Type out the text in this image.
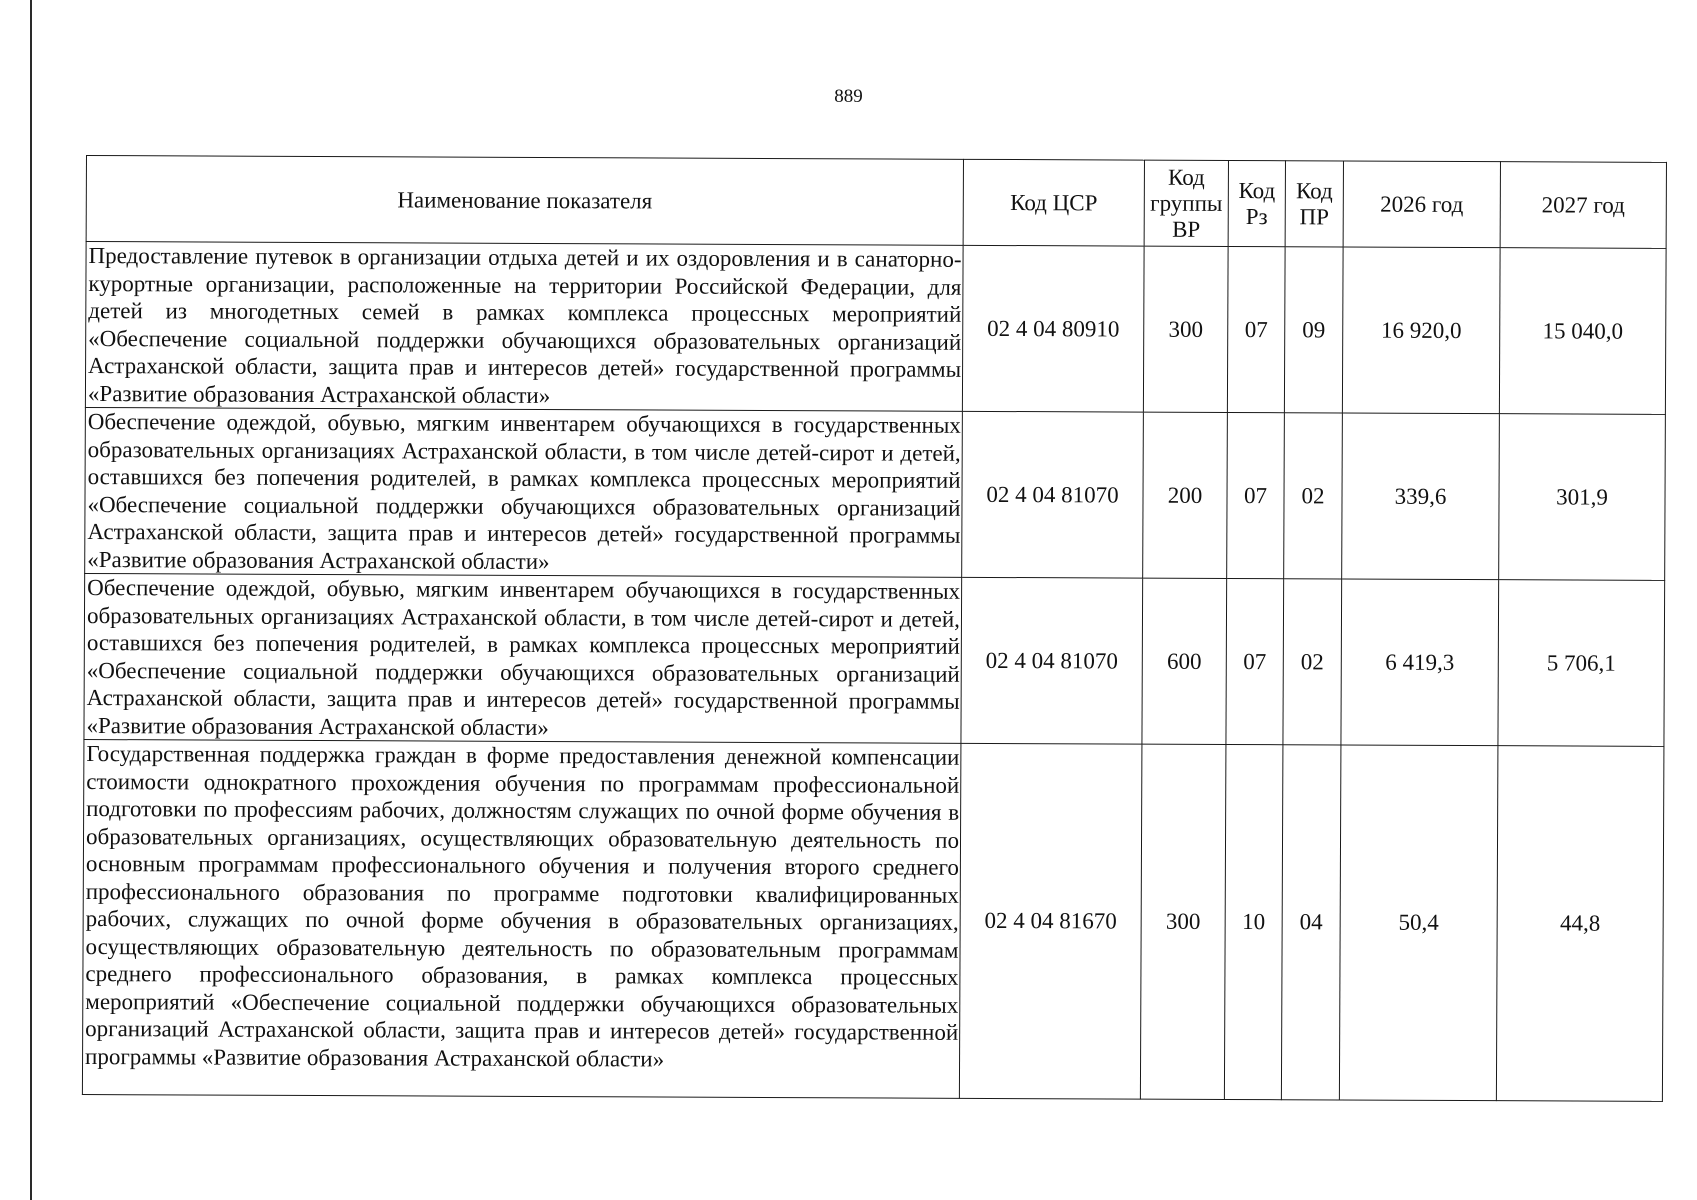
889
Наименование показателя	Код ЦСР	Код группы ВР	Код Рз	Код ПР	2026 год	2027 год
Предоставление путевок в организации отдыха детей и их оздоровления и в санаторно-курортные организации, расположенные на территории Российской Федерации, для детей из многодетных семей в рамках комплекса процессных мероприятий «Обеспечение социальной поддержки обучающихся образовательных организаций Астраханской области, защита прав и интересов детей» государственной программы «Развитие образования Астраханской области»	02 4 04 80910	300	07	09	16 920,0	15 040,0
Обеспечение одеждой, обувью, мягким инвентарем обучающихся в государственных образовательных организациях Астраханской области, в том числе детей-сирот и детей, оставшихся без попечения родителей, в рамках комплекса процессных мероприятий «Обеспечение социальной поддержки обучающихся образовательных организаций Астраханской области, защита прав и интересов детей» государственной программы «Развитие образования Астраханской области»	02 4 04 81070	200	07	02	339,6	301,9
Обеспечение одеждой, обувью, мягким инвентарем обучающихся в государственных образовательных организациях Астраханской области, в том числе детей-сирот и детей, оставшихся без попечения родителей, в рамках комплекса процессных мероприятий «Обеспечение социальной поддержки обучающихся образовательных организаций Астраханской области, защита прав и интересов детей» государственной программы «Развитие образования Астраханской области»	02 4 04 81070	600	07	02	6 419,3	5 706,1
Государственная поддержка граждан в форме предоставления денежной компенсации стоимости однократного прохождения обучения по программам профессиональной подготовки по профессиям рабочих, должностям служащих по очной форме обучения в образовательных организациях, осуществляющих образовательную деятельность по основным программам профессионального обучения и получения второго среднего профессионального образования по программе подготовки квалифицированных рабочих, служащих по очной форме обучения в образовательных организациях, осуществляющих образовательную деятельность по образовательным программам среднего профессионального образования, в рамках комплекса процессных мероприятий «Обеспечение социальной поддержки обучающихся образовательных организаций Астраханской области, защита прав и интересов детей» государственной программы «Развитие образования Астраханской области»	02 4 04 81670	300	10	04	50,4	44,8
